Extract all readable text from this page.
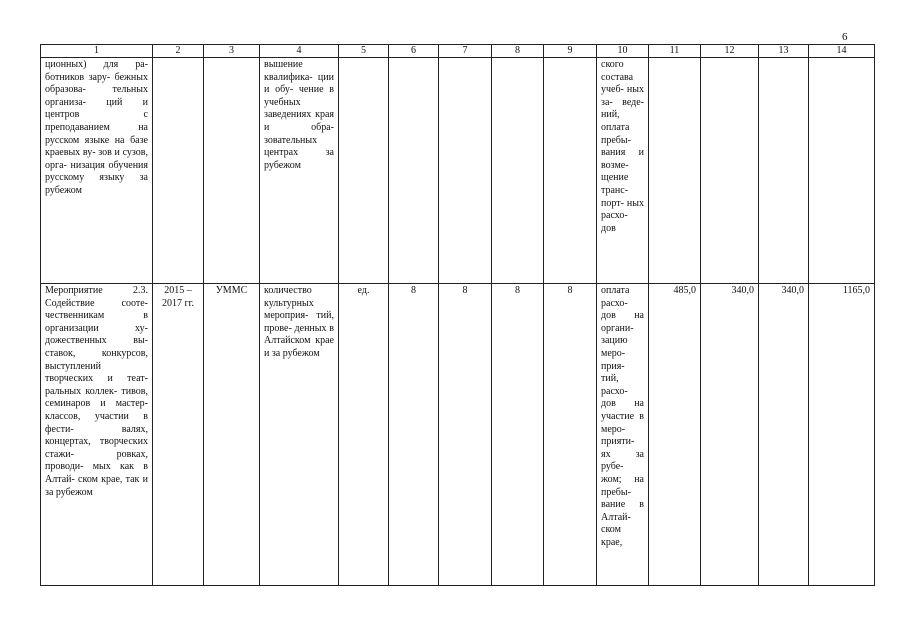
6
1	2	3	4	5	6	7	8	9	10	11	12	13	14
ционных) для ра- ботников зару- бежных образова- тельных организа- ций и центров с преподаванием на русском языке на базе краевых ву- зов и сузов, орга- низация обучения русскому языку за рубежом			вышение квалифика- ции и обу- чение в учебных заведениях края и обра- зовательных центрах за рубежом						ского состава учеб- ных за- веде- ний, оплата пребы- вания и возме- щение транс- порт- ных расхо- дов				
Мероприятие 2.3. Содействие сооте- чественникам в организации ху- дожественных вы- ставок, конкурсов, выступлений творческих и теат- ральных коллек- тивов, семинаров и мастер-классов, участии в фести- валях, концертах, творческих стажи- ровках, проводи- мых как в Алтай- ском крае, так и за рубежом	2015 – 2017 гг.	УММС	количество культурных мероприя- тий, прове- денных в Алтайском крае и за рубежом	ед.	8	8	8	8	оплата расхо- дов на органи- зацию меро- прия- тий, расхо- дов на участие в меро- прияти- ях за рубе- жом; на пребы- вание в Алтай- ском крае,	485,0	340,0	340,0	1165,0
